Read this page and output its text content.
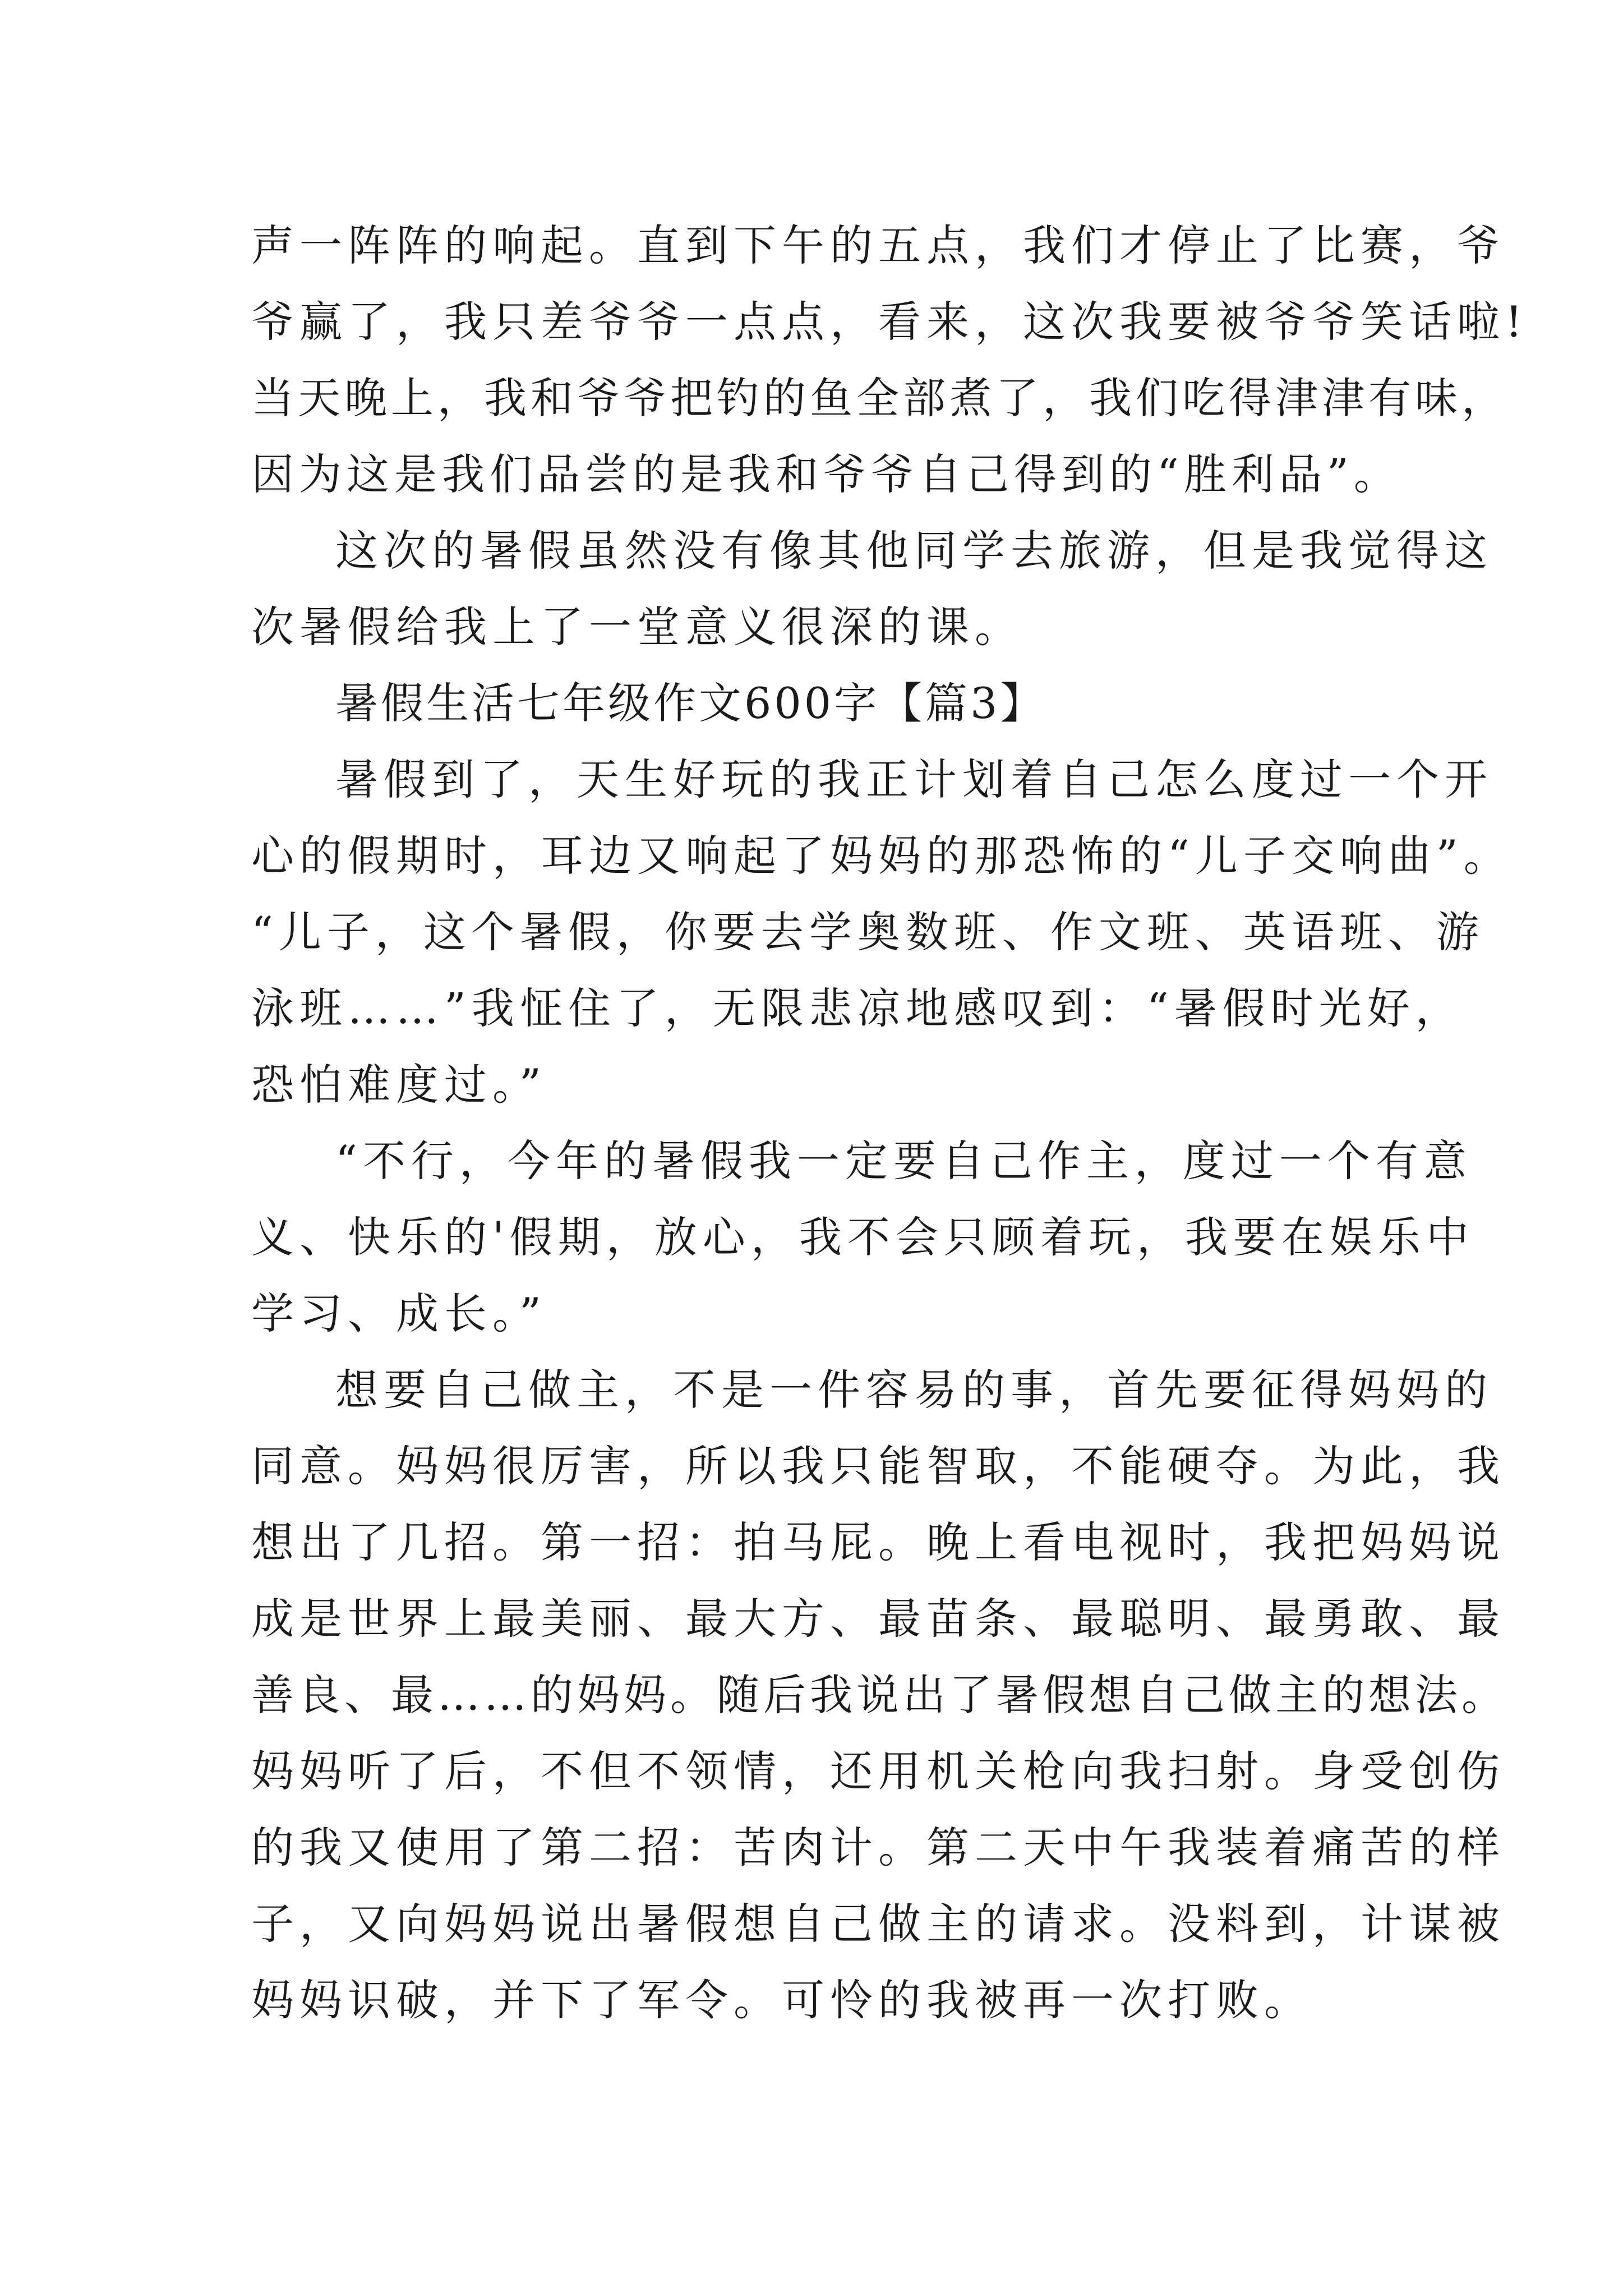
声一阵阵的响起。直到下午的五点，我们才停止了比赛，爷
爷赢了，我只差爷爷一点点，看来，这次我要被爷爷笑话啦!
当天晚上，我和爷爷把钓的鱼全部煮了，我们吃得津津有味，
因为这是我们品尝的是我和爷爷自己得到的“胜利品”。
这次的暑假虽然没有像其他同学去旅游，但是我觉得这
次暑假给我上了一堂意义很深的课。
暑假生活七年级作文600字【篇3】
暑假到了，天生好玩的我正计划着自己怎么度过一个开
心的假期时，耳边又响起了妈妈的那恐怖的“儿子交响曲”。
“儿子，这个暑假，你要去学奥数班、作文班、英语班、游
泳班……”我怔住了，无限悲凉地感叹到：“暑假时光好，
恐怕难度过。”
“不行，今年的暑假我一定要自己作主，度过一个有意
义、快乐的'假期，放心，我不会只顾着玩，我要在娱乐中
学习、成长。”
想要自己做主，不是一件容易的事，首先要征得妈妈的
同意。妈妈很厉害，所以我只能智取，不能硬夺。为此，我
想出了几招。第一招：拍马屁。晚上看电视时，我把妈妈说
成是世界上最美丽、最大方、最苗条、最聪明、最勇敢、最
善良、最……的妈妈。随后我说出了暑假想自己做主的想法。
妈妈听了后，不但不领情，还用机关枪向我扫射。身受创伤
的我又使用了第二招：苦肉计。第二天中午我装着痛苦的样
子，又向妈妈说出暑假想自己做主的请求。没料到，计谋被
妈妈识破，并下了军令。可怜的我被再一次打败。
